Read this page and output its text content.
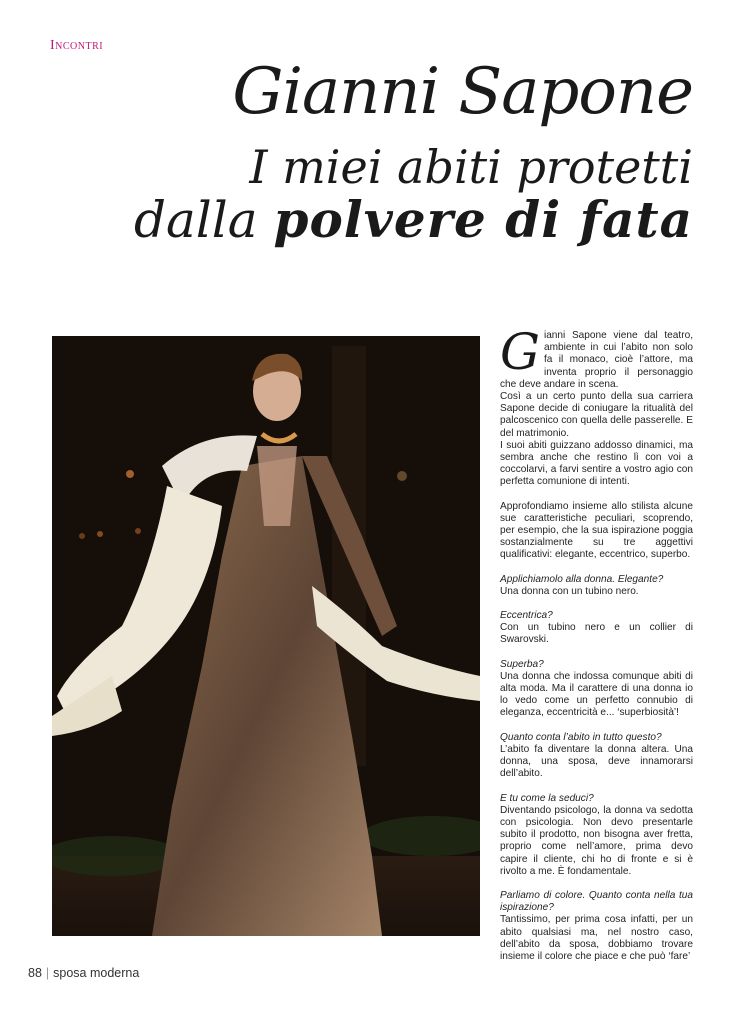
Incontri
Gianni Sapone
I miei abiti protetti
dalla polvere di fata

Gianni Sapone viene dal teatro, ambiente in cui l’abito non solo fa il monaco, cioè l’attore, ma inventa proprio il personaggio che deve andare in scena.

Così a un certo punto della sua carriera Sapone decide di coniugare la ritualità del palcoscenico con quella delle passerelle. E del matrimonio.

I suoi abiti guizzano addosso dinamici, ma sembra anche che restino lì con voi a coccolarvi, a farvi sentire a vostro agio con perfetta comunione di intenti.

Approfondiamo insieme allo stilista alcune sue caratteristiche peculiari, scoprendo, per esempio, che la sua ispirazione poggia sostanzialmente su tre aggettivi qualificativi: elegante, eccentrico, superbo.

Applichiamolo alla donna. Elegante?

Una donna con un tubino nero.

Eccentrica?

Con un tubino nero e un collier di Swarovski.

Superba?

Una donna che indossa comunque abiti di alta moda. Ma il carattere di una donna io lo vedo come un perfetto connubio di eleganza, eccentricità e... ‘superbiosità’!

Quanto conta l’abito in tutto questo?

L’abito fa diventare la donna altera. Una donna, una sposa, deve innamorarsi dell’abito.

E tu come la seduci?

Diventando psicologo, la donna va sedotta con psicologia. Non devo presentarle subito il prodotto, non bisogna aver fretta, proprio come nell’amore, prima devo capire il cliente, chi ho di fronte e si è rivolto a me. È fondamentale.

Parliamo di colore. Quanto conta nella tua ispirazione?

Tantissimo, per prima cosa infatti, per un abito qualsiasi ma, nel nostro caso, dell’abito da sposa, dobbiamo trovare insieme il colore che piace e che può ‘fare’

88 | sposa moderna
